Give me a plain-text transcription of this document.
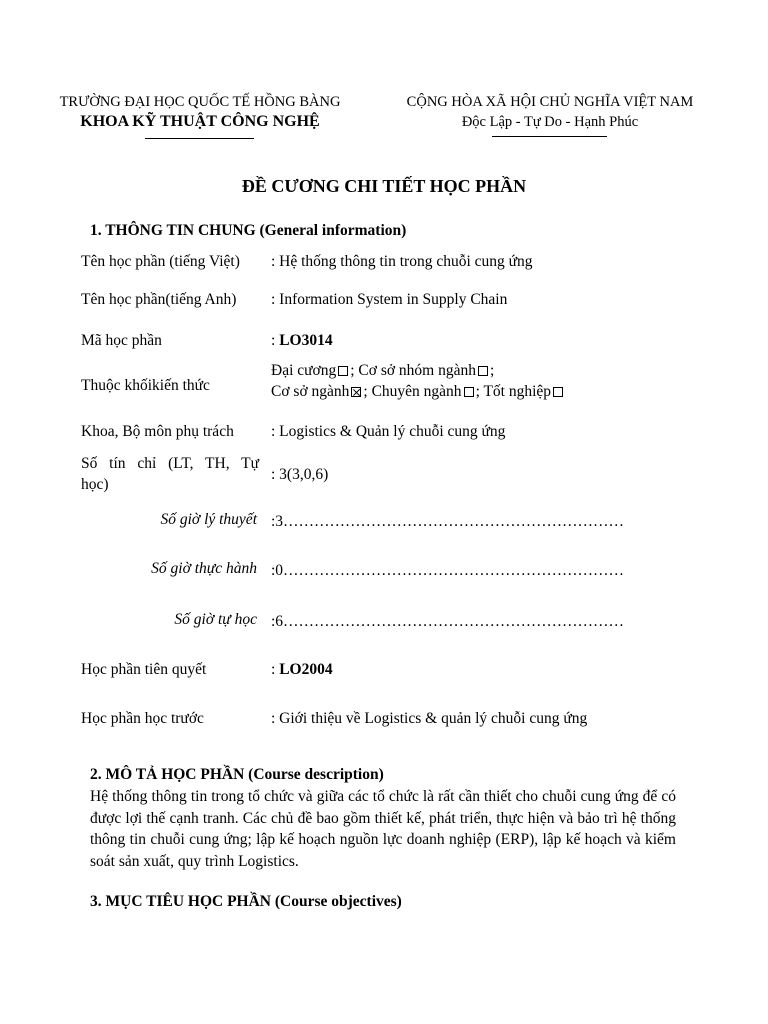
TRƯỜNG ĐẠI HỌC QUỐC TẾ HỒNG BÀNG
KHOA KỸ THUẬT CÔNG NGHỆ
CỘNG HÒA XÃ HỘI CHỦ NGHĨA VIỆT NAM
Độc Lập - Tự Do - Hạnh Phúc
ĐỀ CƯƠNG CHI TIẾT HỌC PHẦN
1. THÔNG TIN CHUNG (General information)
Tên học phần (tiếng Việt) : Hệ thống thông tin trong chuỗi cung ứng
Tên học phần(tiếng Anh) : Information System in Supply Chain
Mã học phần	: LO3014
Thuộc khốikiến thức
Đại cương ; Cơ sở nhóm ngành ;
Cơ sở ngành ; Chuyên ngành ; Tốt nghiệp
Khoa, Bộ môn phụ trách : Logistics & Quản lý chuỗi cung ứng
Số tín chỉ (LT, TH, Tự
học)
: 3(3,0,6)
Số giờ lý thuyết :3…………………………………………………………
Số giờ thực hành :0…………………………………………………………
Số giờ tự học :6…………………………………………………………
Học phần tiên quyết	: LO2004
Học phần học trước	: Giới thiệu về Logistics & quản lý chuỗi cung ứng
2. MÔ TẢ HỌC PHẦN (Course description)
Hệ thống thông tin trong tổ chức và giữa các tổ chức là rất cần thiết cho chuỗi cung ứng để có được lợi thế cạnh tranh. Các chủ đề bao gồm thiết kế, phát triển, thực hiện và bảo trì hệ thống thông tin chuỗi cung ứng; lập kế hoạch nguồn lực doanh nghiệp (ERP), lập kế hoạch và kiểm soát sản xuất, quy trình Logistics.
3. MỤC TIÊU HỌC PHẦN (Course objectives)
